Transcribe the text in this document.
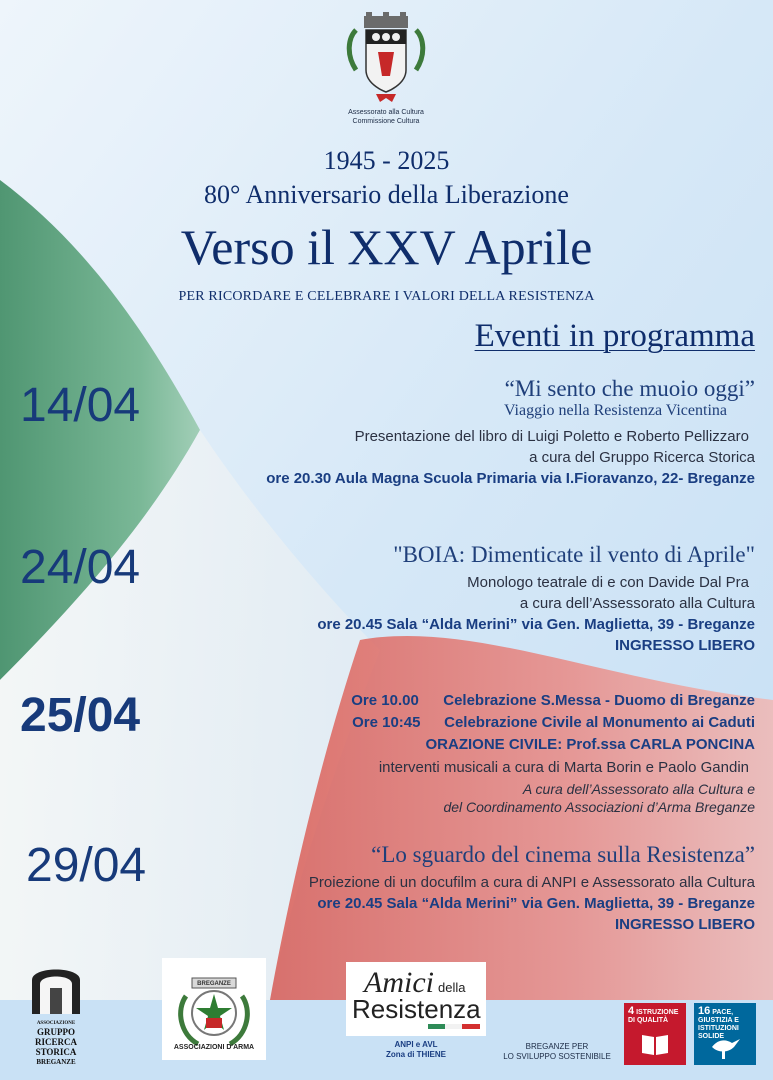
Assessorato alla Cultura
Commissione Cultura
1945 - 2025
80° Anniversario della Liberazione
Verso il XXV Aprile
PER RICORDARE E CELEBRARE I VALORI DELLA RESISTENZA
Eventi in programma
14/04	“Mi sento che muoio oggi”
Viaggio nella Resistenza Vicentina
Presentazione del libro di Luigi Poletto e Roberto Pellizzaro
a cura del Gruppo Ricerca Storica
ore 20.30 Aula Magna Scuola Primaria via I.Fioravanzo, 22- Breganze
24/04	"BOIA: Dimenticate il vento di Aprile"
Monologo teatrale di e con Davide Dal Pra
a cura dell’Assessorato alla Cultura
ore 20.45 Sala “Alda Merini” via Gen. Maglietta, 39 - Breganze
INGRESSO LIBERO
25/04	Ore 10.00 Celebrazione S.Messa - Duomo di Breganze
Ore 10:45 Celebrazione Civile al Monumento ai Caduti
ORAZIONE CIVILE: Prof.ssa CARLA PONCINA
interventi musicali a cura di Marta Borin e Paolo Gandin
A cura dell’Assessorato alla Cultura e
del Coordinamento Associazioni d’Arma Breganze
29/04	“Lo sguardo del cinema sulla Resistenza”
Proiezione di un docufilm a cura di ANPI e Assessorato alla Cultura
ore 20.45 Sala “Alda Merini” via Gen. Maglietta, 39 - Breganze
INGRESSO LIBERO
ASSOCIAZIONE
GRUPPO
RICERCA
STORICA
BREGANZE
BREGANZE
ASSOCIAZIONI D'ARMA
Amici della
Resistenza
ANPI e AVL
Zona di THIENE
BREGANZE PER
LO SVILUPPO SOSTENIBILE
4 ISTRUZIONE DI QUALITÀ
16 PACE, GIUSTIZIA E ISTITUZIONI SOLIDE
